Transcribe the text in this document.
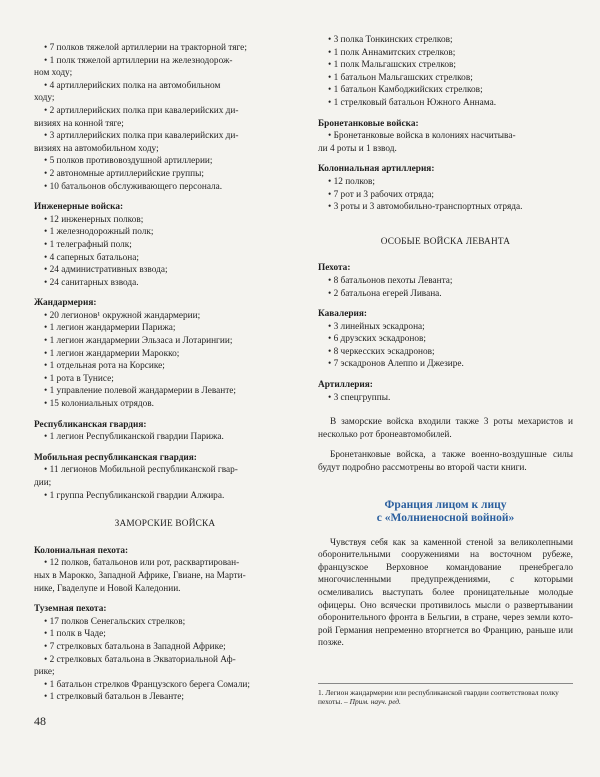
• 7 полков тяжелой артиллерии на тракторной тяге;
• 1 полк тяжелой артиллерии на железнодорож-
ном ходу;
• 4 артиллерийских полка на автомобильном
ходу;
• 2 артиллерийских полка при кавалерийских ди-
визиях на конной тяге;
• 3 артиллерийских полка при кавалерийских ди-
визиях на автомобильном ходу;
• 5 полков противовоздушной артиллерии;
• 2 автономные артиллерийские группы;
• 10 батальонов обслуживающего персонала.
Инженерные войска:
• 12 инженерных полков;
• 1 железнодорожный полк;
• 1 телеграфный полк;
• 4 саперных батальона;
• 24 административных взвода;
• 24 санитарных взвода.
Жандармерия:
• 20 легионов¹ окружной жандармерии;
• 1 легион жандармерии Парижа;
• 1 легион жандармерии Эльзаса и Лотарингии;
• 1 легион жандармерии Марокко;
• 1 отдельная рота на Корсике;
• 1 рота в Тунисе;
• 1 управление полевой жандармерии в Леванте;
• 15 колониальных отрядов.
Республиканская гвардия:
• 1 легион Республиканской гвардии Парижа.
Мобильная республиканская гвардия:
• 11 легионов Мобильной республиканской гвар-
дии;
• 1 группа Республиканской гвардии Алжира.
ЗАМОРСКИЕ ВОЙСКА
Колониальная пехота:
• 12 полков, батальонов или рот, расквартирован-
ных в Марокко, Западной Африке, Гвиане, на Марти-
нике, Гваделупе и Новой Каледонии.
Туземная пехота:
• 17 полков Сенегальских стрелков;
• 1 полк в Чаде;
• 7 стрелковых батальона в Западной Африке;
• 2 стрелковых батальона в Экваториальной Аф-
рике;
• 1 батальон стрелков Французского берега Сомали;
• 1 стрелковый батальон в Леванте;
• 3 полка Тонкинских стрелков;
• 1 полк Аннамитских стрелков;
• 1 полк Мальгашских стрелков;
• 1 батальон Мальгашских стрелков;
• 1 батальон Камбоджийских стрелков;
• 1 стрелковый батальон Южного Аннама.
Бронетанковые войска:
• Бронетанковые войска в колониях насчитыва-
ли 4 роты и 1 взвод.
Колониальная артиллерия:
• 12 полков;
• 7 рот и 3 рабочих отряда;
• 3 роты и 3 автомобильно-транспортных отряда.
ОСОБЫЕ ВОЙСКА ЛЕВАНТА
Пехота:
• 8 батальонов пехоты Леванта;
• 2 батальона егерей Ливана.
Кавалерия:
• 3 линейных эскадрона;
• 6 друзских эскадронов;
• 8 черкесских эскадронов;
• 7 эскадронов Алеппо и Джезире.
Артиллерия:
• 3 спецгруппы.
В заморские войска входили также 3 роты мехаристов и несколько рот бронеавтомобилей.
Бронетанковые войска, а также военно-воздушные силы будут подробно рассмотрены во второй части книги.
Франция лицом к лицу
с «Молниеносной войной»
Чувствуя себя как за каменной стеной за великолепными оборонительными сооружениями на восточном рубеже, французское Верховное командование пренебрегало многочисленными предупреждениями, с которыми осмеливались выступать более проницательные молодые офицеры. Оно всячески противилось мысли о развертывании оборонительного фронта в Бельгии, в стране, через земли которой Германия непременно вторгнется во Францию, раньше или позже.
1. Легион жандармерии или республиканской гвардии соответствовал полку пехоты. – Прим. науч. ред.
48
